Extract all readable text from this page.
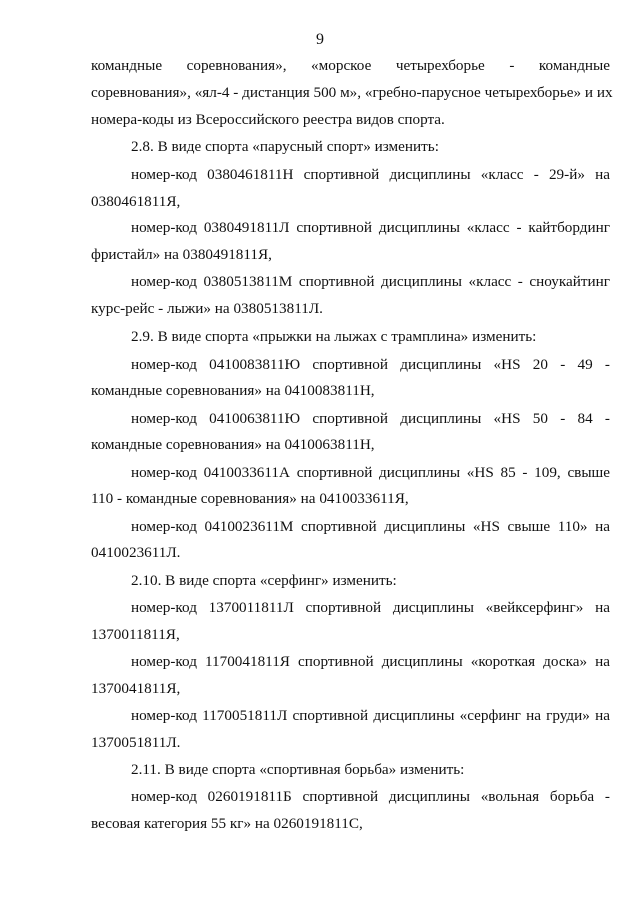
9
командные соревнования», «морское четырехборье - командные
соревнования», «ял-4 - дистанция 500 м», «гребно-парусное четырехборье» и их
номера-коды из Всероссийского реестра видов спорта.
2.8. В виде спорта «парусный спорт» изменить:
номер-код 0380461811Н спортивной дисциплины «класс - 29-й» на
0380461811Я,
номер-код 0380491811Л спортивной дисциплины «класс - кайтбординг
фристайл» на 0380491811Я,
номер-код 0380513811М спортивной дисциплины «класс - сноукайтинг
курс-рейс - лыжи» на 0380513811Л.
2.9. В виде спорта «прыжки на лыжах с трамплина» изменить:
номер-код 0410083811Ю спортивной дисциплины «HS 20 - 49 -
командные соревнования» на 0410083811Н,
номер-код 0410063811Ю спортивной дисциплины «HS 50 - 84 -
командные соревнования» на 0410063811Н,
номер-код 0410033611А спортивной дисциплины «HS 85 - 109, свыше
110 - командные соревнования» на 0410033611Я,
номер-код 0410023611М спортивной дисциплины «HS свыше 110» на
0410023611Л.
2.10. В виде спорта «серфинг» изменить:
номер-код 1370011811Л спортивной дисциплины «вейксерфинг» на
1370011811Я,
номер-код 1170041811Я спортивной дисциплины «короткая доска» на
1370041811Я,
номер-код 1170051811Л спортивной дисциплины «серфинг на груди» на
1370051811Л.
2.11. В виде спорта «спортивная борьба» изменить:
номер-код 0260191811Б спортивной дисциплины «вольная борьба -
весовая категория 55 кг» на 0260191811С,
